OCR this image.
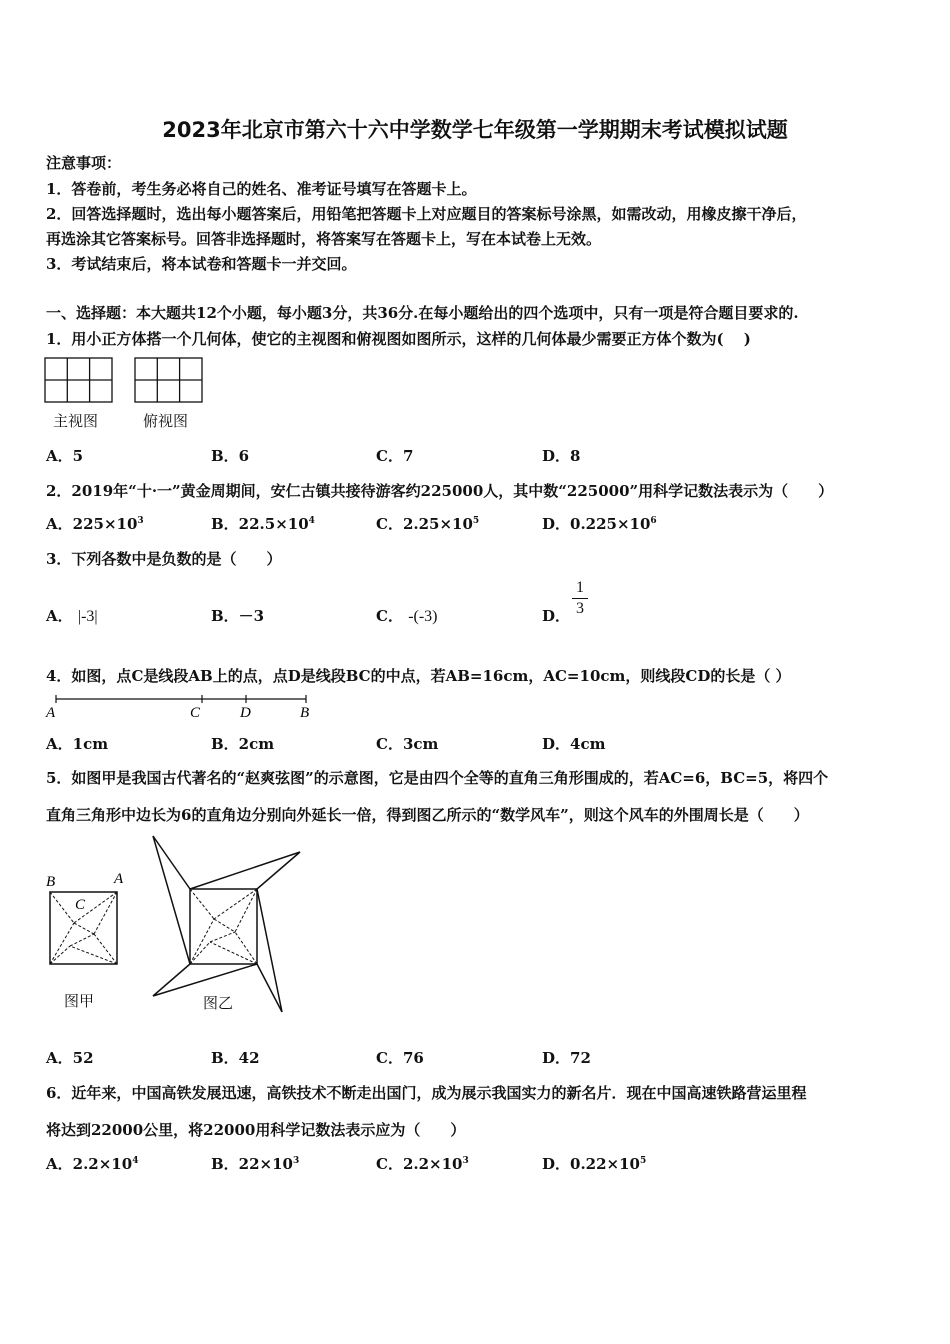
2023年北京市第六十六中学数学七年级第一学期期末考试模拟试题
注意事项：
1．答卷前，考生务必将自己的姓名、准考证号填写在答题卡上。
2．回答选择题时，选出每小题答案后，用铅笔把答题卡上对应题目的答案标号涂黑，如需改动，用橡皮擦干净后，
再选涂其它答案标号。回答非选择题时，将答案写在答题卡上，写在本试卷上无效。
3．考试结束后，将本试卷和答题卡一并交回。
一、选择题：本大题共12个小题，每小题3分，共36分.在每小题给出的四个选项中，只有一项是符合题目要求的.
1．用小正方体搭一个几何体，使它的主视图和俯视图如图所示，这样的几何体最少需要正方体个数为(　 )
主视图	俯视图
A．5	B．6	C．7	D．8
2．2019年“十·一”黄金周期间，安仁古镇共接待游客约225000人，其中数“225000”用科学记数法表示为（　　）
A．$225\times 10^3$	B．$22.5\times 10^4$	C．$2.25\times 10^5$	D．$0.225\times 10^6$
3．下列各数中是负数的是（　　）
A． |-3|	B．－3	C． -(-3)	D．
1
3
4．如图，点C是线段AB上的点，点D是线段BC的中点，若AB=16cm，AC=10cm，则线段CD的长是（ ）
A	C	D	B
A．1cm	B．2cm	C．3cm	D．4cm
5．如图甲是我国古代著名的“赵爽弦图”的示意图，它是由四个全等的直角三角形围成的，若AC=6，BC=5，将四个
直角三角形中边长为6的直角边分别向外延长一倍，得到图乙所示的“数学风车”，则这个风车的外围周长是（　　）
B	A
C
图甲	图乙
A．52	B．42	C．76	D．72
6．近年来，中国高铁发展迅速，高铁技术不断走出国门，成为展示我国实力的新名片．现在中国高速铁路营运里程
将达到22000公里，将22000用科学记数法表示应为（　　）
A．$2.2\times 10^4$	B．$22\times 10^3$	C．$2.2\times 10^3$	D．$0.22\times 10^5$
